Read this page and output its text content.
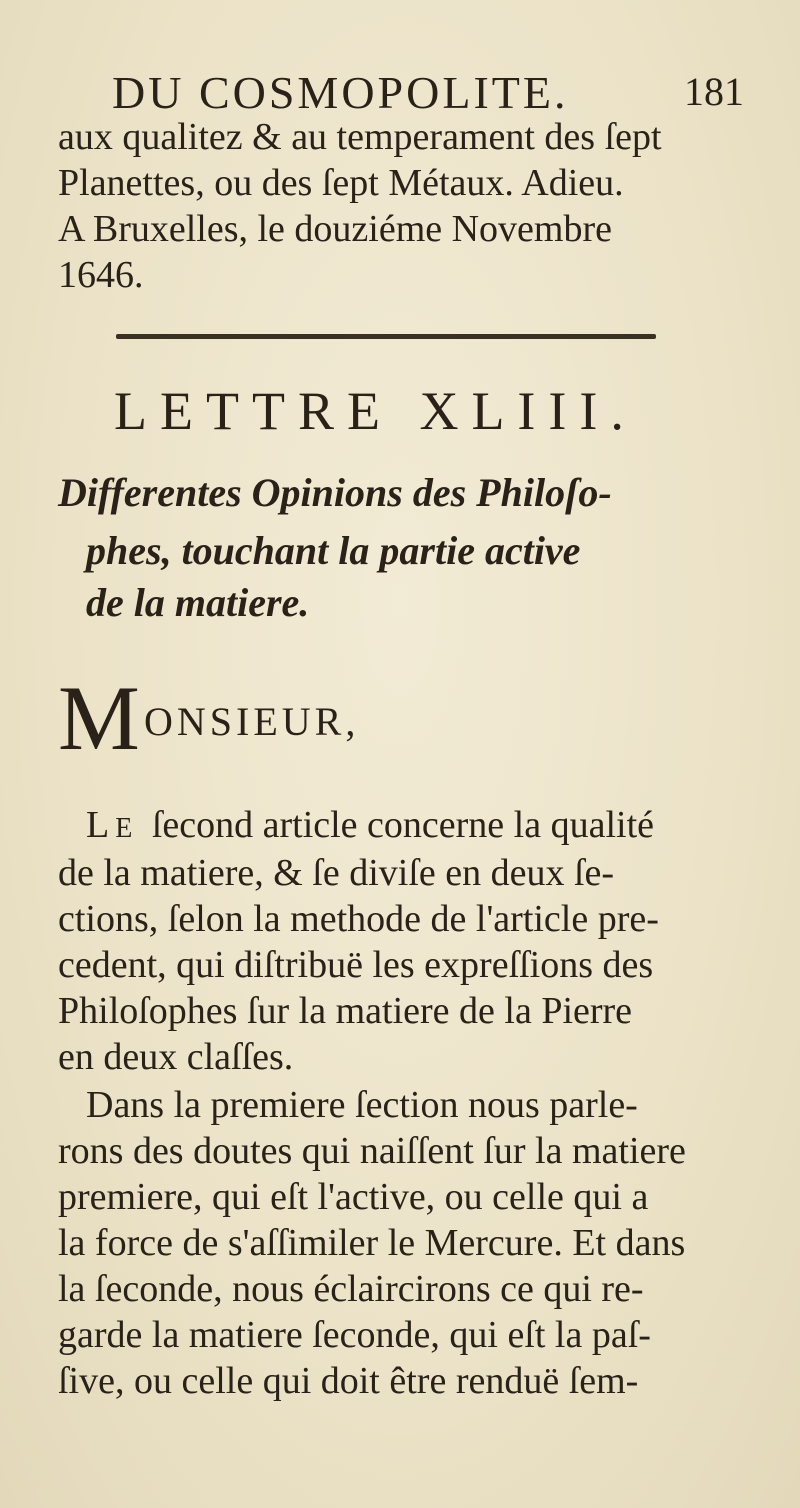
DU COSMOPOLITE.	181
aux qualitez & au temperament des ſept
Planettes, ou des ſept Métaux. Adieu.
A Bruxelles, le douziéme Novembre
1646.
LETTRE XLIII.
Differentes Opinions des Philoſo-
phes, touchant la partie active
de la matiere.
M ONSIEUR,
L E ſecond article concerne la qualité
de la matiere, & ſe diviſe en deux ſe-
ctions, ſelon la methode de l'article pre-
cedent, qui diſtribuë les expreſſions des
Philoſophes ſur la matiere de la Pierre
en deux claſſes.
Dans la premiere ſection nous parle-
rons des doutes qui naiſſent ſur la matiere
premiere, qui eſt l'active, ou celle qui a
la force de s'aſſimiler le Mercure. Et dans
la ſeconde, nous éclaircirons ce qui re-
garde la matiere ſeconde, qui eſt la paſ-
ſive, ou celle qui doit être renduë ſem-
